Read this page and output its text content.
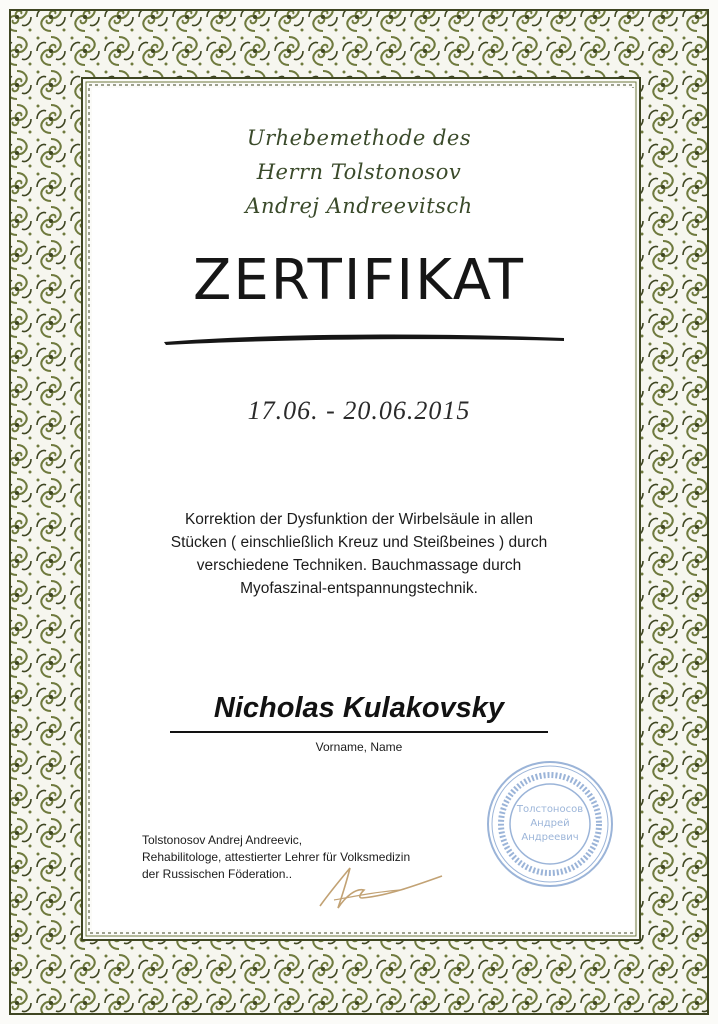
Urhebemethode des
Herrn Tolstonosov
Andrej Andreevitsch
ZERTIFIKAT
17.06. - 20.06.2015
Korrektion der Dysfunktion der Wirbelsäule in allen
Stücken ( einschließlich Kreuz und Steißbeines ) durch
verschiedene Techniken. Bauchmassage durch
Myofaszinal-entspannungstechnik.
Nicholas Kulakovsky
Vorname, Name
Tolstonosov Andrej Andreevic,
Rehabilitologe, attestierter Lehrer für Volksmedizin
der Russischen Föderation..
Толстоносов
Андрей
Андреевич
